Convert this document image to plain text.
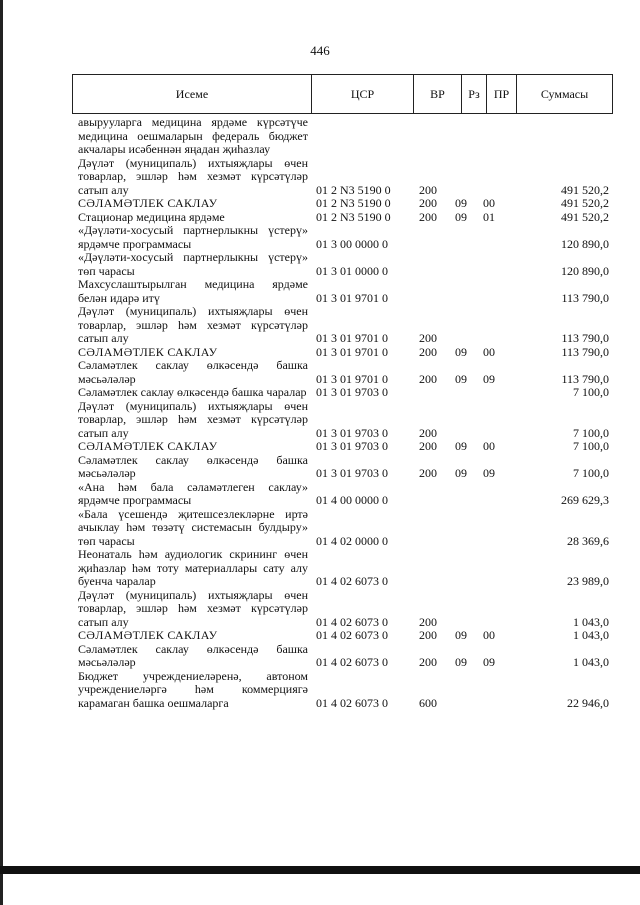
446
Исеме	ЦСР	ВР	Рз	ПР	Суммасы
авырууларга медицина ярдәме күрсәтүче медицина оешмаларын федераль бюджет акчалары исәбеннән яңадан җиһазлау
Дәүләт (муниципаль) ихтыяҗлары өчен товарлар, эшләр һәм хезмәт күрсәтүләр сатып алу	01 2 N3 5190 0 200	491 520,2
СӘЛАМӘТЛЕК САКЛАУ	01 2 N3 5190 0 200 09 00	491 520,2
Стационар медицина ярдәме	01 2 N3 5190 0 200 09 01	491 520,2
«Дәүләти-хосусый партнерлыкны үстерү» ярдәмче программасы	01 3 00 0000 0	120 890,0
«Дәүләти-хосусый партнерлыкны үстерү» төп чарасы	01 3 01 0000 0	120 890,0
Махсуслаштырылган медицина ярдәме белән идарә итү	01 3 01 9701 0	113 790,0
Дәүләт (муниципаль) ихтыяҗлары өчен товарлар, эшләр һәм хезмәт күрсәтүләр сатып алу	01 3 01 9701 0	200	113 790,0
СӘЛАМӘТЛЕК САКЛАУ	01 3 01 9701 0	200 09 00	113 790,0
Сәламәтлек саклау өлкәсендә башка мәсьәләләр	01 3 01 9701 0	200 09 09	113 790,0
Сәламәтлек саклау өлкәсендә башка чаралар 01 3 01 9703 0	7 100,0
Дәүләт (муниципаль) ихтыяҗлары өчен товарлар, эшләр һәм хезмәт күрсәтүләр сатып алу	01 3 01 9703 0	200	7 100,0
СӘЛАМӘТЛЕК САКЛАУ	01 3 01 9703 0	200 09 00	7 100,0
Сәламәтлек саклау өлкәсендә башка мәсьәләләр	01 3 01 9703 0	200 09 09	7 100,0
«Ана һәм бала сәламәтлеген саклау» ярдәмче программасы	01 4 00 0000 0	269 629,3
«Бала үсешендә җитешсезлекләрне иртә ачыклау һәм төзәтү системасын булдыру» төп чарасы	01 4 02 0000 0	28 369,6
Неонаталь һәм аудиологик скрининг өчен җиһазлар һәм тоту материаллары сату алу буенча чаралар	01 4 02 6073 0	23 989,0
Дәүләт (муниципаль) ихтыяҗлары өчен товарлар, эшләр һәм хезмәт күрсәтүләр сатып алу	01 4 02 6073 0	200	1 043,0
СӘЛАМӘТЛЕК САКЛАУ	01 4 02 6073 0	200 09 00	1 043,0
Сәламәтлек саклау өлкәсендә башка мәсьәләләр	01 4 02 6073 0	200 09 09	1 043,0
Бюджет учреждениеләренә, автоном учреждениеләргә һәм коммерциягә карамаган башка оешмаларга	01 4 02 6073 0	600	22 946,0
